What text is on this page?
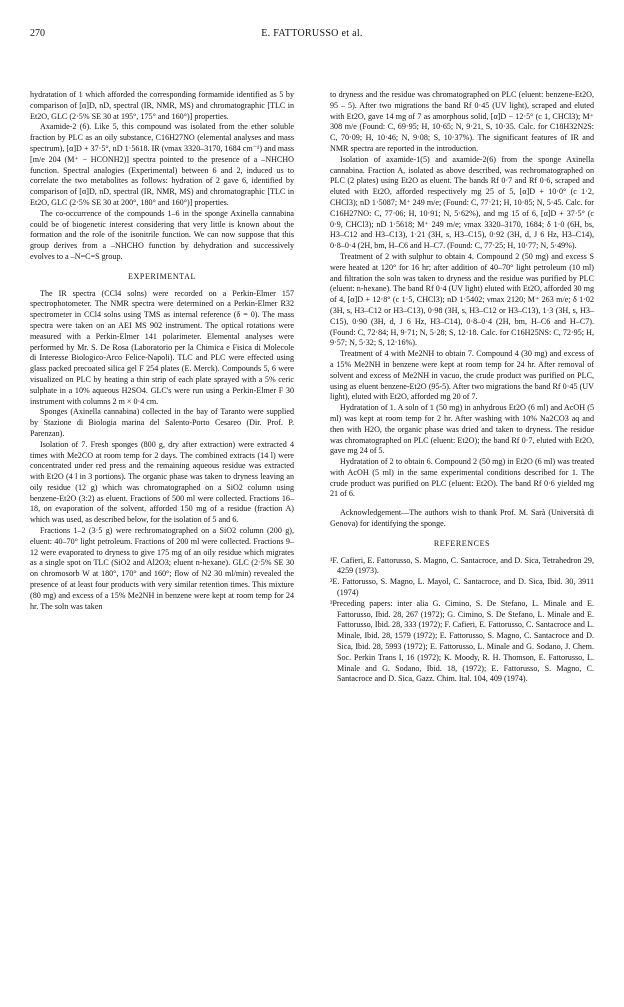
270	E. FATTORUSSO et al.

hydratation of 1 which afforded the corresponding formamide identified as 5 by comparison of [α]D, nD, spectral (IR, NMR, MS) and chromatographic [TLC in Et2O, GLC (2·5% SE 30 at 195°, 175° and 160°)] properties.

Axamide-2 (6). Like 5, this compound was isolated from the ether soluble fraction by PLC as an oily substance, C16H27NO (elemental analyses and mass spectrum), [α]D + 37·5°, nD 1·5618. IR (νmax 3320–3170, 1684 cm⁻¹) and mass [m/e 204 (M⁺ − HCONH2)] spectra pointed to the presence of a –NHCHO function. Spectral analogies (Experimental) between 6 and 2, induced us to correlate the two metabolites as follows: hydration of 2 gave 6, identified by comparison of [α]D, nD, spectral (IR, NMR, MS) and chromatographic [TLC in Et2O, GLC (2·5% SE 30 at 200°, 180° and 160°)] properties.

The co-occurrence of the compounds 1–6 in the sponge Axinella cannabina could be of biogenetic interest considering that very little is known about the formation and the role of the isonitrile function. We can now suppose that this group derives from a –NHCHO function by dehydration and successively evolves to a –N=C=S group.

EXPERIMENTAL

The IR spectra (CCl4 solns) were recorded on a Perkin-Elmer 157 spectrophotometer. The NMR spectra were determined on a Perkin-Elmer R32 spectrometer in CCl4 solns using TMS as internal reference (δ = 0). The mass spectra were taken on an AEI MS 902 instrument. The optical rotations were measured with a Perkin-Elmer 141 polarimeter. Elemental analyses were performed by Mr. S. De Rosa (Laboratorio per la Chimica e Fisica di Molecole di Interesse Biologico-Arco Felice-Napoli). TLC and PLC were effected using glass packed precoated silica gel F 254 plates (E. Merck). Compounds 5, 6 were visualized on PLC by heating a thin strip of each plate sprayed with a 5% ceric sulphate in a 10% aqueous H2SO4. GLC's were run using a Perkin-Elmer F 30 instrument with columns 2 m × 0·4 cm.

Sponges (Axinella cannabina) collected in the bay of Taranto were supplied by Stazione di Biologia marina del Salento-Porto Cesareo (Dir. Prof. P. Parenzan).

Isolation of 7. Fresh sponges (800 g, dry after extraction) were extracted 4 times with Me2CO at room temp for 2 days. The combined extracts (14 l) were concentrated under red press and the remaining aqueous residue was extracted with Et2O (4 l in 3 portions). The organic phase was taken to dryness leaving an oily residue (12 g) which was chromatographed on a SiO2 column using benzene-Et2O (3:2) as eluent. Fractions of 500 ml were collected. Fractions 16–18, on evaporation of the solvent, afforded 150 mg of a residue (fraction A) which was used, as described below, for the isolation of 5 and 6.

Fractions 1–2 (3·5 g) were rechromatographed on a SiO2 column (200 g), eluent: 40–70° light petroleum. Fractions of 200 ml were collected. Fractions 9–12 were evaporated to dryness to give 175 mg of an oily residue which migrates as a single spot on TLC (SiO2 and Al2O3; eluent n-hexane). GLC (2·5% SE 30 on chromosorb W at 180°, 170° and 160°; flow of N2 30 ml/min) revealed the presence of at least four products with very similar retention times. This mixture (80 mg) and excess of a 15% Me2NH in benzene were kept at room temp for 24 hr. The soln was taken

to dryness and the residue was chromatographed on PLC (eluent: benzene-Et2O, 95 – 5). After two migrations the band Rf 0·45 (UV light), scraped and eluted with Et2O, gave 14 mg of 7 as amorphous solid, [α]D − 12·5° (c 1, CHCl3); M⁺ 308 m/e (Found: C, 69·95; H, 10·65; N, 9·21, S, 10·35. Calc. for C18H32N2S: C, 70·09; H, 10·46; N, 9·08; S, 10·37%). The significant features of IR and NMR spectra are reported in the introduction.

Isolation of axamide-1(5) and axamide-2(6) from the sponge Axinella cannabina. Fraction A, isolated as above described, was rechromatographed on PLC (2 plates) using Et2O as eluent. The bands Rf 0·7 and Rf 0·6, scraped and eluted with Et2O, afforded respectively mg 25 of 5, [α]D + 10·0° (c 1·2, CHCl3); nD 1·5087; M⁺ 249 m/e; (Found: C, 77·21; H, 10·85; N, 5·45. Calc. for C16H27NO: C, 77·06; H, 10·91; N, 5·62%), and mg 15 of 6, [α]D + 37·5° (c 0·9, CHCl3); nD 1·5618; M⁺ 249 m/e; νmax 3320–3170, 1684; δ 1·0 (6H, bs, H3–C12 and H3–C13), 1·21 (3H, s, H3–C15), 0·92 (3H, d, J 6 Hz, H3–C14), 0·8–0·4 (2H, bm, H–C6 and H–C7. (Found: C, 77·25; H, 10·77; N, 5·49%).

Treatment of 2 with sulphur to obtain 4. Compound 2 (50 mg) and excess S were heated at 120° for 16 hr; after addition of 40–70° light petroleum (10 ml) and filtration the soln was taken to dryness and the residue was purified by PLC (eluent: n-hexane). The band Rf 0·4 (UV light) eluted with Et2O, afforded 30 mg of 4, [α]D + 12·8° (c 1·5, CHCl3); nD 1·5402; νmax 2120; M⁺ 263 m/e; δ 1·02 (3H, s, H3–C12 or H3–C13), 0·98 (3H, s, H3–C12 or H3–C13), 1·3 (3H, s, H3–C15), 0·90 (3H, d, J 6 Hz, H3–C14), 0·8–0·4 (2H, bm, H–C6 and H–C7). (Found: C, 72·84; H, 9·71; N, 5·28; S, 12·18. Calc. for C16H25NS: C, 72·95; H, 9·57; N, 5·32; S, 12·16%).

Treatment of 4 with Me2NH to obtain 7. Compound 4 (30 mg) and excess of a 15% Me2NH in benzene were kept at room temp for 24 hr. After removal of solvent and excess of Me2NH in vacuo, the crude product was purified on PLC, using as eluent benzene-Et2O (95-5). After two migrations the band Rf 0·45 (UV light), eluted with Et2O, afforded mg 20 of 7.

Hydratation of 1. A soln of 1 (50 mg) in anhydrous Et2O (6 ml) and AcOH (5 ml) was kept at room temp for 2 hr. After washing with 10% Na2CO3 aq and then with H2O, the organic phase was dried and taken to dryness. The residue was chromatographed on PLC (eluent: Et2O); the band Rf 0·7, eluted with Et2O, gave mg 24 of 5.

Hydratation of 2 to obtain 6. Compound 2 (50 mg) in Et2O (6 ml) was treated with AcOH (5 ml) in the same experimental conditions described for 1. The crude product was purified on PLC (eluent: Et2O). The band Rf 0·6 yielded mg 21 of 6.

Acknowledgement—The authors wish to thank Prof. M. Sarà (Università di Genova) for identifying the sponge.

REFERENCES

¹F. Cafieri, E. Fattorusso, S. Magno, C. Santacroce, and D. Sica, Tetrahedron 29, 4259 (1973).

²E. Fattorusso, S. Magno, L. Mayol, C. Santacroce, and D. Sica, Ibid. 30, 3911 (1974)

³Preceding papers: inter alia G. Cimino, S. De Stefano, L. Minale and E. Fattorusso, Ibid. 28, 267 (1972); G. Cimino, S. De Stefano, L. Minale and E. Fattorusso, Ibid. 28, 333 (1972); F. Cafieri, E. Fattorusso, C. Santacroce and L. Minale, Ibid. 28, 1579 (1972); E. Fattorusso, S. Magno, C. Santacroce and D. Sica, Ibid. 28, 5993 (1972); E. Fattorusso, L. Minale and G. Sodano, J. Chem. Soc. Perkin Trans I, 16 (1972); K. Moody, R. H. Thomson, E. Fattorusso, L. Minale and G. Sodano, Ibid. 18, (1972); E. Fattorusso, S. Magno, C. Santacroce and D. Sica, Gazz. Chim. Ital. 104, 409 (1974).
